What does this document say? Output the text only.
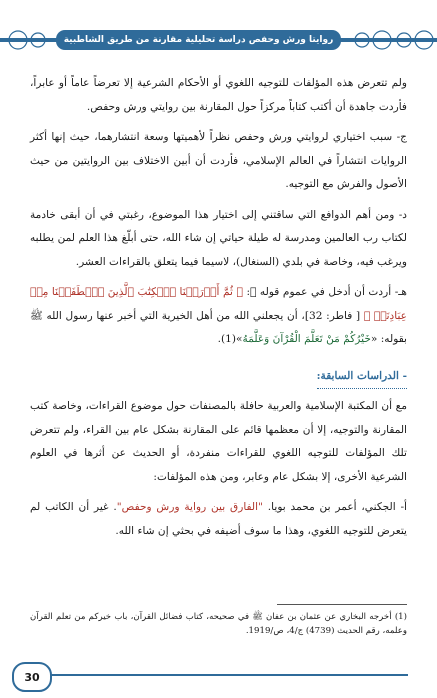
روايتا ورش وحفص دراسة تحليلية مقارنة من طريق الشاطبية

ولم تتعرض هذه المؤلفات للتوجيه اللغوي أو الأحكام الشرعية إلا تعرضاً عاماً أو عابراً، فأردت جاهدة أن أكتب كتاباً مركزاً حول المقارنة بين روايتي ورش وحفص.

ج- سبب اختياري لروايتي ورش وحفص نظراً لأهميتها وسعة انتشارهما، حيث إنها أكثر الروايات انتشاراً في العالم الإسلامي، فأردت أن أبين الاختلاف بين الروايتين من حيث الأصول والفرش مع التوجيه.

د- ومن أهم الدوافع التي ساقتني إلى اختيار هذا الموضوع، رغبتي في أن أبقى خادمة لكتاب رب العالمين ومدرسة له طيلة حياتي إن شاء الله، حتى أبلّغ هذا العلم لمن يطلبه ويرغب فيه، وخاصة في بلدي (السنغال)، لاسيما فيما يتعلق بالقراءات العشر.

هـ- أردت أن أدخل في عموم قوله ﷺ: ﴿ ثُمَّ أَوۡرَثۡنَا ٱلۡكِتَٰبَ ٱلَّذِينَ ٱصۡطَفَيۡنَا مِنۡ عِبَادِنَاۖ ﴾ [ فاطر: 32]، أن يجعلني الله من أهل الخيرية التي أخبر عنها رسول الله ﷺ بقوله: «خَيْرُكُمْ مَنْ تَعَلَّمَ الْقُرْآنَ وَعَلَّمَهُ»(1).

- الدراسات السابقة:

مع أن المكتبة الإسلامية والعربية حافلة بالمصنفات حول موضوع القراءات، وخاصة كتب المقارنة والتوجيه، إلا أن معظمها قائم على المقارنة بشكل عام بين القراء، ولم تتعرض تلك المؤلفات للتوجيه اللغوي للقراءات منفردة، أو الحديث عن أثرها في العلوم الشرعية الأخرى، إلا بشكل عام وعابر، ومن هذه المؤلفات:

أ- الجكني، أعمر بن محمد بويا. "الفارق بين رواية ورش وحفص". غير أن الكاتب لم يتعرض للتوجيه اللغوي، وهذا ما سوف أضيفه في بحثي إن شاء الله.

(1) أخرجه البخاري عن عثمان بن عفان ﷺ في صحيحه، كتاب فضائل القرآن، باب خيركم من تعلم القرآن وعلمه، رقم الحديث (4739) ج/4، ص/1919.
30
